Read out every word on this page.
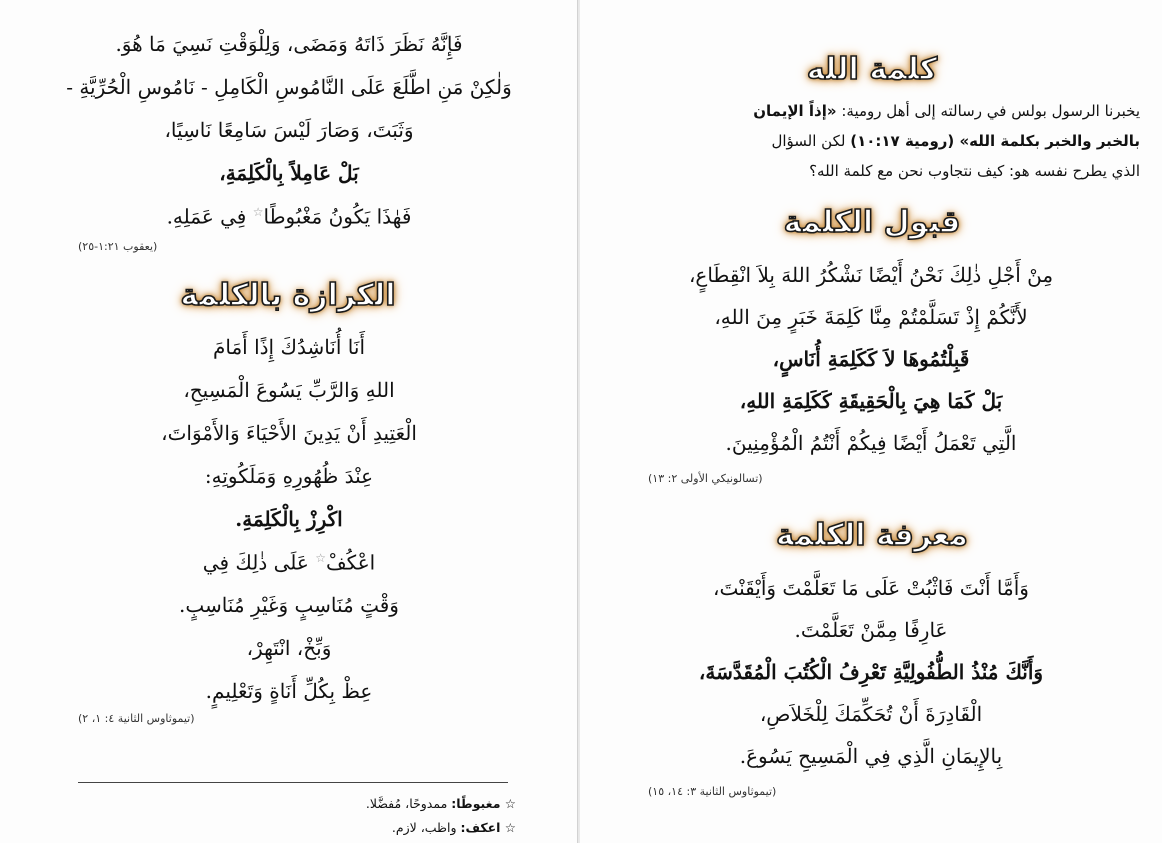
فَإِنَّهُ نَظَرَ ذَاتَهُ وَمَضَى، وَلِلْوَقْتِ نَسِيَ مَا هُوَ.
وَلٰكِنْ مَنِ اطَّلَعَ عَلَى النَّامُوسِ الْكَامِلِ - نَامُوسِ الْحُرِّيَّةِ -
وَثَبَتَ، وَصَارَ لَيْسَ سَامِعًا نَاسِيًا،
بَلْ عَامِلاً بِالْكَلِمَةِ،
فَهٰذَا يَكُونُ مَغْبُوطًا☆ فِي عَمَلِهِ.
(يعقوب ١:٢١-٢٥)
الكرازة بالكلمة
أَنَا أُنَاشِدُكَ إِذًا أَمَامَ
اللهِ وَالرَّبِّ يَسُوعَ الْمَسِيحِ،
الْعَتِيدِ أَنْ يَدِينَ الأَحْيَاءَ وَالأَمْوَاتَ،
عِنْدَ ظُهُورِهِ وَمَلَكُوتِهِ:
اكْرِزْ بِالْكَلِمَةِ.
اعْكُفْ☆ عَلَى ذٰلِكَ فِي
وَقْتٍ مُنَاسِبٍ وَغَيْرِ مُنَاسِبٍ.
وَبِّخْ، انْتَهِرْ،
عِظْ بِكُلِّ أَنَاةٍ وَتَعْلِيمٍ.
(تيموثاوس الثانية ٤: ١، ٢)
☆ مغبوطًا: ممدوحًا، مُفضَّلا.
☆ اعكف: واظب، لازم.
كلمة الله
يخبرنا الرسول بولس في رسالته إلى أهل رومية: «إذاً الإيمان
بالخبر والخبر بكلمة الله» (رومية ١٠:١٧) لكن السؤال
الذي يطرح نفسه هو: كيف نتجاوب نحن مع كلمة الله؟
قبول الكلمة
مِنْ أَجْلِ ذٰلِكَ نَحْنُ أَيْضًا نَشْكُرُ اللهَ بِلاَ انْقِطَاعٍ،
لأَنَّكُمْ إِذْ تَسَلَّمْتُمْ مِنَّا كَلِمَةَ خَبَرٍ مِنَ اللهِ،
قَبِلْتُمُوهَا لاَ كَكَلِمَةِ أُنَاسٍ،
بَلْ كَمَا هِيَ بِالْحَقِيقَةِ كَكَلِمَةِ اللهِ،
الَّتِي تَعْمَلُ أَيْضًا فِيكُمْ أَنْتُمُ الْمُؤْمِنِينَ.
(تسالونيكي الأولى ٢: ١٣)
معرفة الكلمة
وَأَمَّا أَنْتَ فَاثْبُتْ عَلَى مَا تَعَلَّمْتَ وَأَيْقَنْتَ،
عَارِفًا مِمَّنْ تَعَلَّمْتَ.
وَأَنَّكَ مُنْذُ الطُّفُولِيَّةِ تَعْرِفُ الْكُتُبَ الْمُقَدَّسَةَ،
الْقَادِرَةَ أَنْ تُحَكِّمَكَ لِلْخَلاَصِ،
بِالإِيمَانِ الَّذِي فِي الْمَسِيحِ يَسُوعَ.
(تيموثاوس الثانية ٣: ١٤، ١٥)
